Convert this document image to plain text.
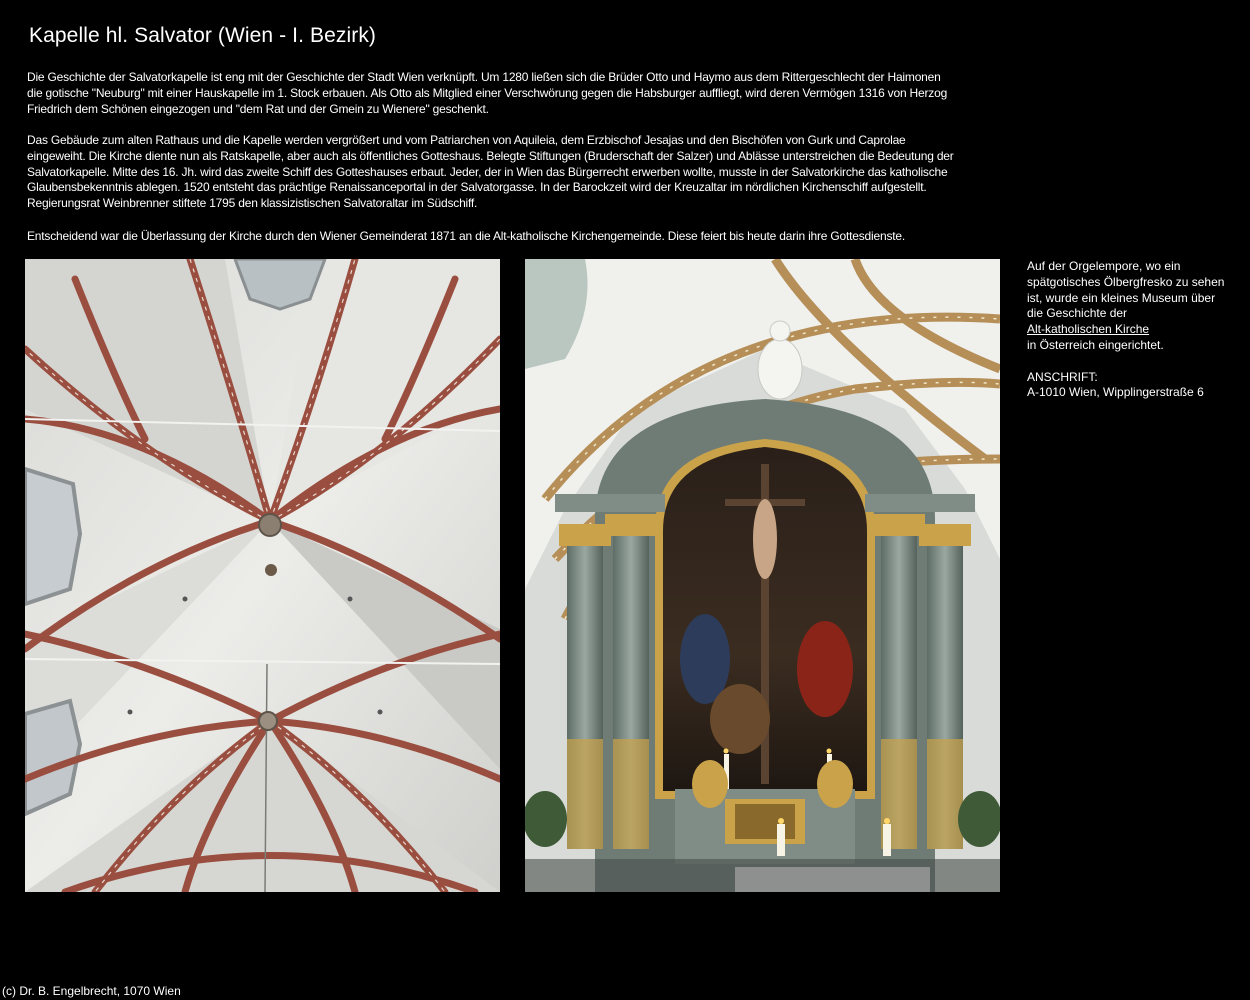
Kapelle hl. Salvator (Wien - I. Bezirk)

Die Geschichte der Salvatorkapelle ist eng mit der Geschichte der Stadt Wien verknüpft. Um 1280 ließen sich die Brüder Otto und Haymo aus dem Rittergeschlecht der Haimonen die gotische "Neuburg" mit einer Hauskapelle im 1. Stock erbauen. Als Otto als Mitglied einer Verschwörung gegen die Habsburger auffliegt, wird deren Vermögen 1316 von Herzog Friedrich dem Schönen eingezogen und "dem Rat und der Gmein zu Wienere" geschenkt.

Das Gebäude zum alten Rathaus und die Kapelle werden vergrößert und vom Patriarchen von Aquileia, dem Erzbischof Jesajas und den Bischöfen von Gurk und Caprolae eingeweiht. Die Kirche diente nun als Ratskapelle, aber auch als öffentliches Gotteshaus. Belegte Stiftungen (Bruderschaft der Salzer) und Ablässe unterstreichen die Bedeutung der Salvatorkapelle. Mitte des 16. Jh. wird das zweite Schiff des Gotteshauses erbaut. Jeder, der in Wien das Bürgerrecht erwerben wollte, musste in der Salvatorkirche das katholische Glaubensbekenntnis ablegen. 1520 entsteht das prächtige Renaissanceportal in der Salvatorgasse. In der Barockzeit wird der Kreuzaltar im nördlichen Kirchenschiff aufgestellt. Regierungsrat Weinbrenner stiftete 1795 den klassizistischen Salvatoraltar im Südschiff.

Entscheidend war die Überlassung der Kirche durch den Wiener Gemeinderat 1871 an die Alt-katholische Kirchengemeinde. Diese feiert bis heute darin ihre Gottesdienste.

Auf der Orgelempore, wo ein spätgotisches Ölbergfresko zu sehen ist, wurde ein kleines Museum über die Geschichte der
Alt-katholischen Kirche
in Österreich eingerichtet.

ANSCHRIFT:

A-1010 Wien, Wipplingerstraße 6

(c) Dr. B. Engelbrecht, 1070 Wien
